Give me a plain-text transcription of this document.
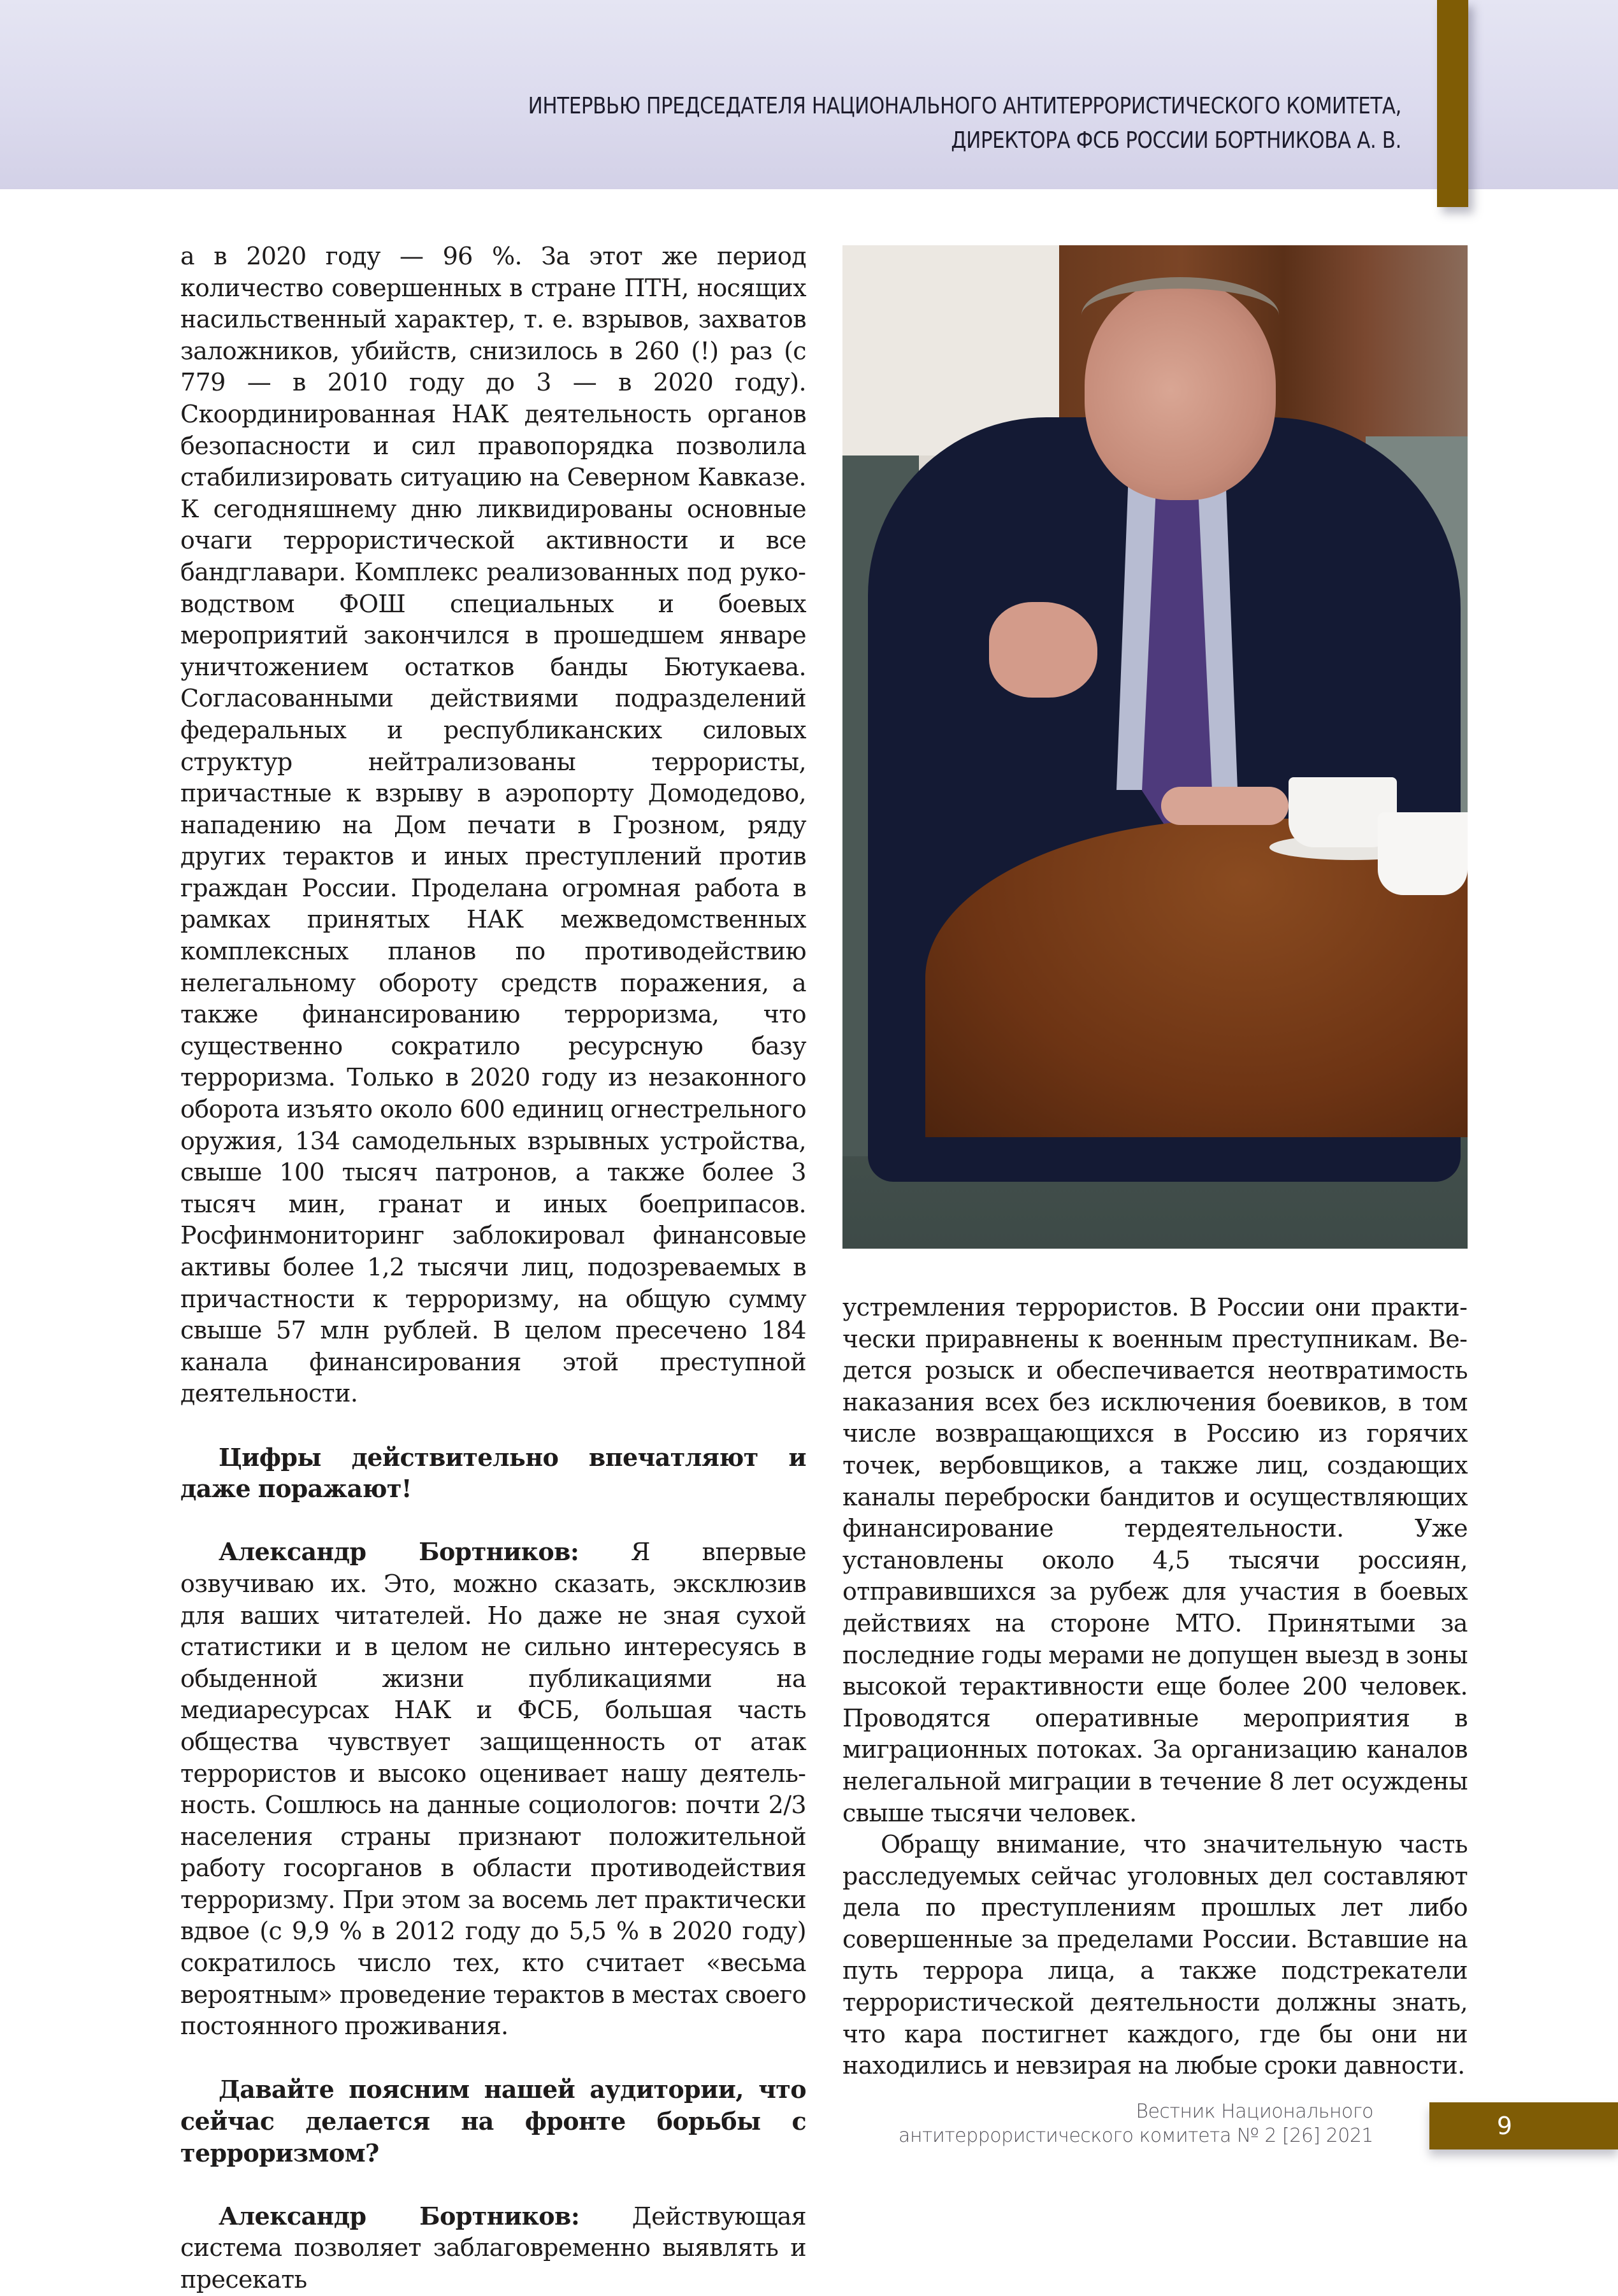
ИНТЕРВЬЮ ПРЕДСЕДАТЕЛЯ НАЦИОНАЛЬНОГО АНТИТЕРРОРИСТИЧЕСКОГО КОМИТЕТА,
ДИРЕКТОРА ФСБ РОССИИ БОРТНИКОВА А. В.

а в 2020 году — 96 %. За этот же период количество совершенных в стране ПТН, носящих насильственный характер, т. е. взрывов, захватов заложников, убийств, снизилось в 260 (!) раз (с 779 — в 2010 году до 3 — в 2020 году). Скоординированная НАК деятельность органов безопасности и сил правопорядка позволила стабилизировать ситуацию на Северном Кавказе. К сегодняшнему дню ликвидированы основные очаги террористической активности и все бандглавари. Комплекс реализованных под руководством ФОШ специальных и боевых мероприятий закончился в прошедшем январе уничтожением остатков банды Бютукаева. Согласованными действиями подразделений федеральных и республиканских силовых структур нейтрализованы террористы, причастные к взрыву в аэропорту Домодедово, нападению на Дом печати в Грозном, ряду других терактов и иных преступлений против граждан России. Проделана огромная работа в рамках принятых НАК межведомственных комплексных планов по противодействию нелегальному обороту средств поражения, а также финансированию терроризма, что существенно сократило ресурсную базу терроризма. Только в 2020 году из незаконного оборота изъято около 600 единиц огнестрельного оружия, 134 самодельных взрывных устройства, свыше 100 тысяч патронов, а также более 3 тысяч мин, гранат и иных боеприпасов. Росфинмониторинг заблокировал финансовые активы более 1,2 тысячи лиц, подозреваемых в причастности к терроризму, на общую сумму свыше 57 млн рублей. В целом пресечено 184 канала финансирования этой преступной деятельности.

Цифры действительно впечатляют и даже поражают!

Александр Бортников: Я впервые озвучиваю их. Это, можно сказать, эксклюзив для ваших читателей. Но даже не зная сухой статистики и в целом не сильно интересуясь в обыденной жизни публикациями на медиаресурсах НАК и ФСБ, большая часть общества чувствует защищенность от атак террористов и высоко оценивает нашу деятельность. Сошлюсь на данные социологов: почти 2/3 населения страны признают положительной работу госорганов в области противодействия терроризму. При этом за восемь лет практически вдвое (с 9,9 % в 2012 году до 5,5 % в 2020 году) сократилось число тех, кто считает «весьма вероятным» проведение терактов в местах своего постоянного проживания.

Давайте поясним нашей аудитории, что сейчас делается на фронте борьбы с терроризмом?

Александр Бортников: Действующая система позволяет заблаговременно выявлять и пресекать

устремления террористов. В России они практически приравнены к военным преступникам. Ведется розыск и обеспечивается неотвратимость наказания всех без исключения боевиков, в том числе возвращающихся в Россию из горячих точек, вербовщиков, а также лиц, создающих каналы переброски бандитов и осуществляющих финансирование тердеятельности. Уже установлены около 4,5 тысячи россиян, отправившихся за рубеж для участия в боевых действиях на стороне МТО. Принятыми за последние годы мерами не допущен выезд в зоны высокой терактивности еще более 200 человек. Проводятся оперативные мероприятия в миграционных потоках. За организацию каналов нелегальной миграции в течение 8 лет осуждены свыше тысячи человек.

Обращу внимание, что значительную часть расследуемых сейчас уголовных дел составляют дела по преступлениям прошлых лет либо совершенные за пределами России. Вставшие на путь террора лица, а также подстрекатели террористической деятельности должны знать, что кара постигнет каждого, где бы они ни находились и невзирая на любые сроки давности.

Вестник Национального
антитеррористического комитета № 2 [26] 2021	9
